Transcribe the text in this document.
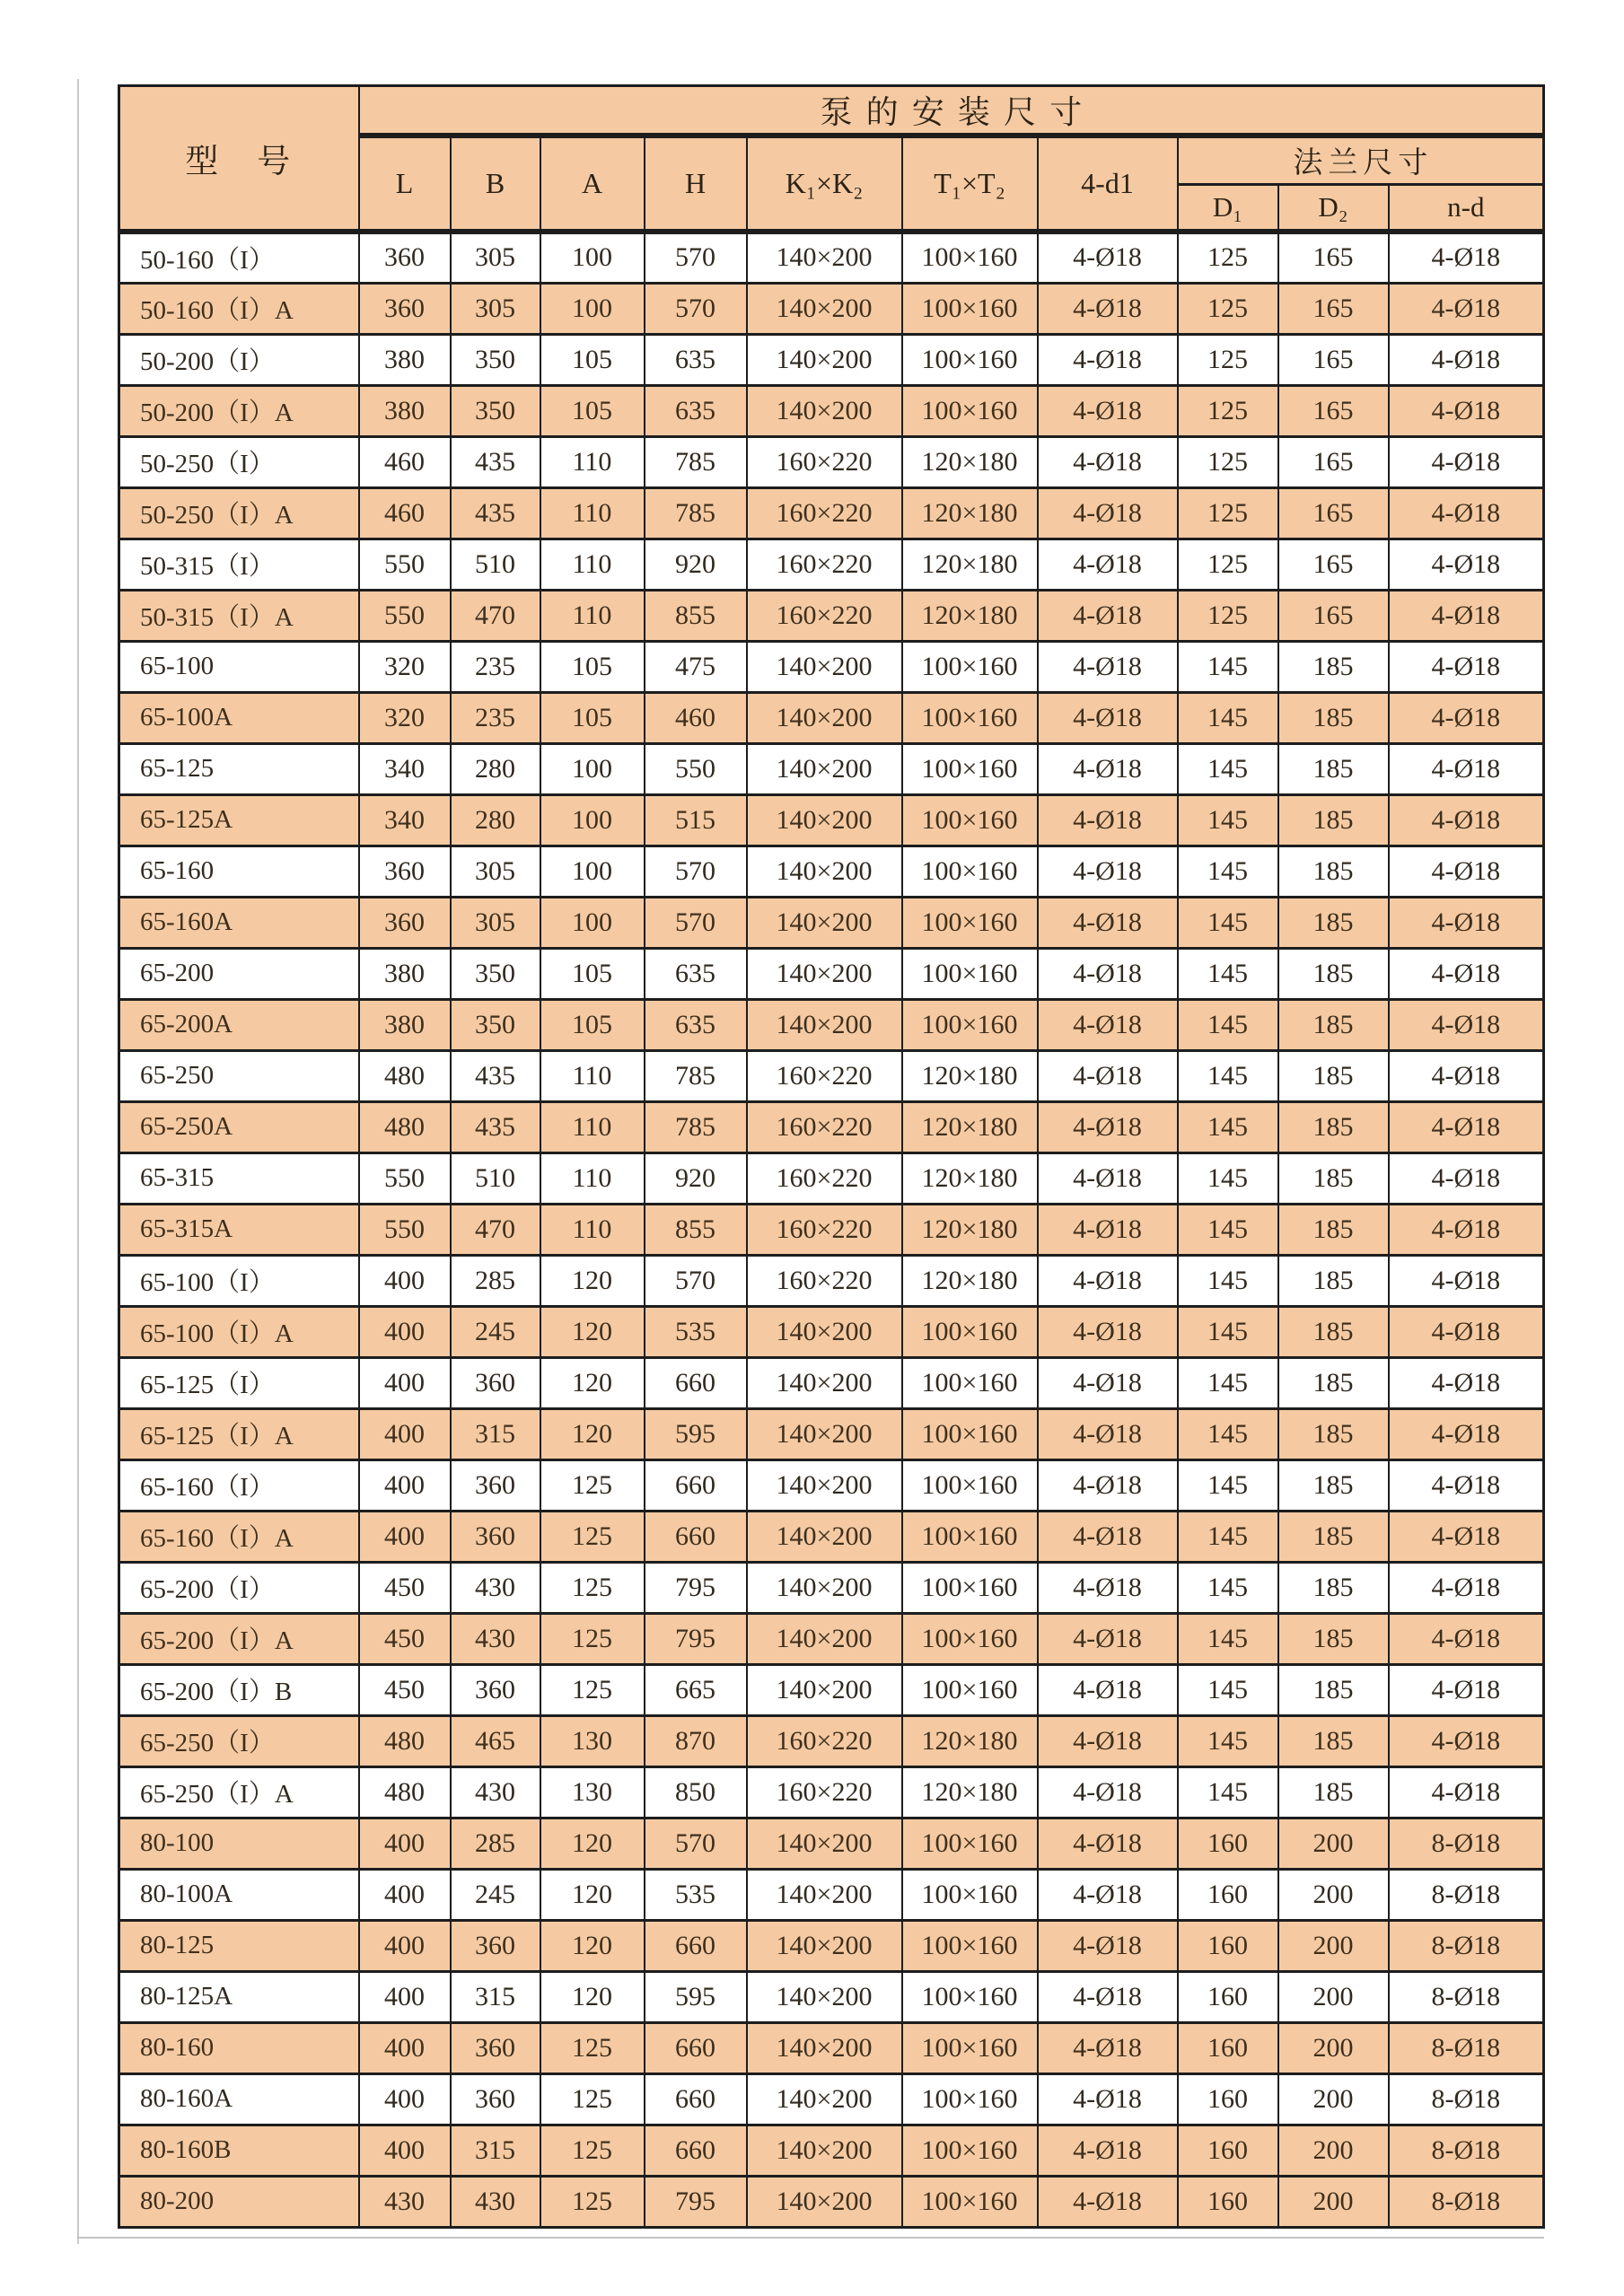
型　号	泵的安装尺寸									
	L	B	A	H	K₁×K₂	T₁×T₂	4-d1	法兰尺寸		
								D₁	D₂	n-d
50-160（I）	360	305	100	570	140×200	100×160	4-Ø18	125	165	4-Ø18
50-160（I）A	360	305	100	570	140×200	100×160	4-Ø18	125	165	4-Ø18
50-200（I）	380	350	105	635	140×200	100×160	4-Ø18	125	165	4-Ø18
50-200（I）A	380	350	105	635	140×200	100×160	4-Ø18	125	165	4-Ø18
50-250（I）	460	435	110	785	160×220	120×180	4-Ø18	125	165	4-Ø18
50-250（I）A	460	435	110	785	160×220	120×180	4-Ø18	125	165	4-Ø18
50-315（I）	550	510	110	920	160×220	120×180	4-Ø18	125	165	4-Ø18
50-315（I）A	550	470	110	855	160×220	120×180	4-Ø18	125	165	4-Ø18
65-100	320	235	105	475	140×200	100×160	4-Ø18	145	185	4-Ø18
65-100A	320	235	105	460	140×200	100×160	4-Ø18	145	185	4-Ø18
65-125	340	280	100	550	140×200	100×160	4-Ø18	145	185	4-Ø18
65-125A	340	280	100	515	140×200	100×160	4-Ø18	145	185	4-Ø18
65-160	360	305	100	570	140×200	100×160	4-Ø18	145	185	4-Ø18
65-160A	360	305	100	570	140×200	100×160	4-Ø18	145	185	4-Ø18
65-200	380	350	105	635	140×200	100×160	4-Ø18	145	185	4-Ø18
65-200A	380	350	105	635	140×200	100×160	4-Ø18	145	185	4-Ø18
65-250	480	435	110	785	160×220	120×180	4-Ø18	145	185	4-Ø18
65-250A	480	435	110	785	160×220	120×180	4-Ø18	145	185	4-Ø18
65-315	550	510	110	920	160×220	120×180	4-Ø18	145	185	4-Ø18
65-315A	550	470	110	855	160×220	120×180	4-Ø18	145	185	4-Ø18
65-100（I）	400	285	120	570	160×220	120×180	4-Ø18	145	185	4-Ø18
65-100（I）A	400	245	120	535	140×200	100×160	4-Ø18	145	185	4-Ø18
65-125（I）	400	360	120	660	140×200	100×160	4-Ø18	145	185	4-Ø18
65-125（I）A	400	315	120	595	140×200	100×160	4-Ø18	145	185	4-Ø18
65-160（I）	400	360	125	660	140×200	100×160	4-Ø18	145	185	4-Ø18
65-160（I）A	400	360	125	660	140×200	100×160	4-Ø18	145	185	4-Ø18
65-200（I）	450	430	125	795	140×200	100×160	4-Ø18	145	185	4-Ø18
65-200（I）A	450	430	125	795	140×200	100×160	4-Ø18	145	185	4-Ø18
65-200（I）B	450	360	125	665	140×200	100×160	4-Ø18	145	185	4-Ø18
65-250（I）	480	465	130	870	160×220	120×180	4-Ø18	145	185	4-Ø18
65-250（I）A	480	430	130	850	160×220	120×180	4-Ø18	145	185	4-Ø18
80-100	400	285	120	570	140×200	100×160	4-Ø18	160	200	8-Ø18
80-100A	400	245	120	535	140×200	100×160	4-Ø18	160	200	8-Ø18
80-125	400	360	120	660	140×200	100×160	4-Ø18	160	200	8-Ø18
80-125A	400	315	120	595	140×200	100×160	4-Ø18	160	200	8-Ø18
80-160	400	360	125	660	140×200	100×160	4-Ø18	160	200	8-Ø18
80-160A	400	360	125	660	140×200	100×160	4-Ø18	160	200	8-Ø18
80-160B	400	315	125	660	140×200	100×160	4-Ø18	160	200	8-Ø18
80-200	430	430	125	795	140×200	100×160	4-Ø18	160	200	8-Ø18
